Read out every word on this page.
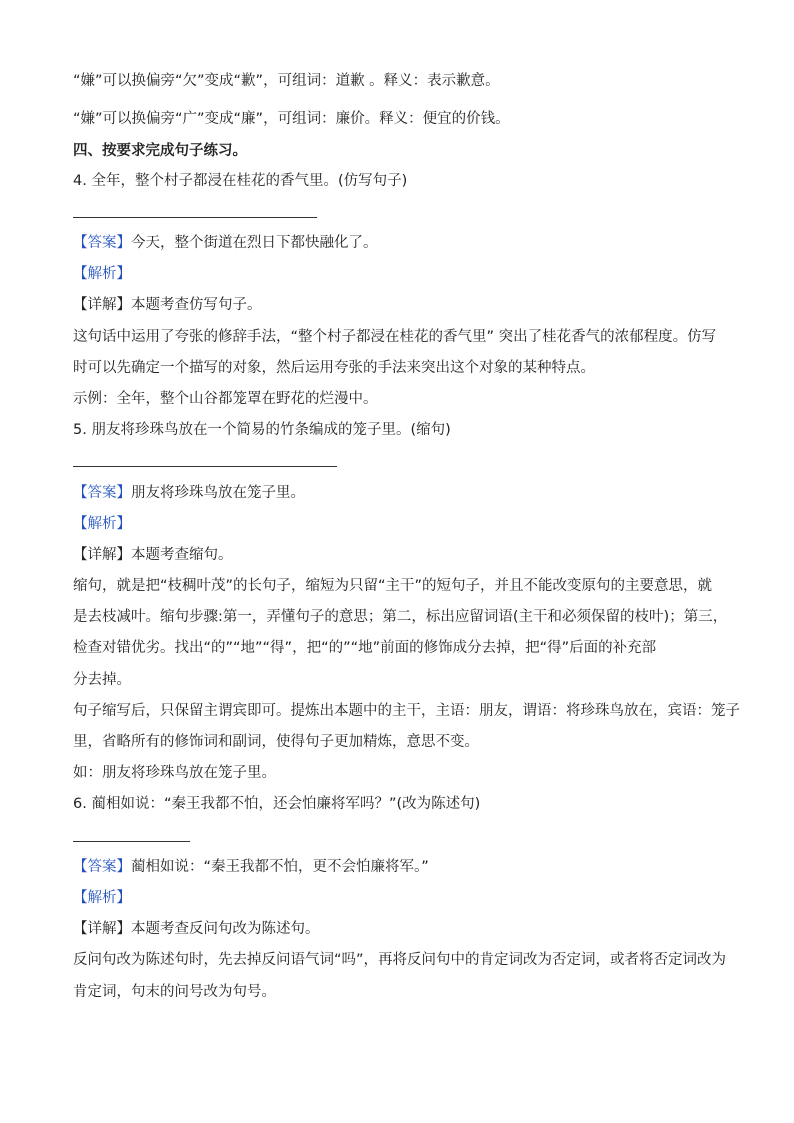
“嫌”可以换偏旁“欠”变成“歉”，可组词：道歉 。释义：表示歉意。
“嫌”可以换偏旁“广”变成“廉”，可组词：廉价。释义：便宜的价钱。
四、按要求完成句子练习。
4. 全年，整个村子都浸在桂花的香气里。(仿写句子)
【答案】今天，整个街道在烈日下都快融化了。
【解析】
【详解】本题考查仿写句子。
这句话中运用了夸张的修辞手法，“整个村子都浸在桂花的香气里” 突出了桂花香气的浓郁程度。仿写
时可以先确定一个描写的对象，然后运用夸张的手法来突出这个对象的某种特点。
示例：全年，整个山谷都笼罩在野花的烂漫中。
5. 朋友将珍珠鸟放在一个简易的竹条编成的笼子里。(缩句)
【答案】朋友将珍珠鸟放在笼子里。
【解析】
【详解】本题考查缩句。
缩句，就是把“枝稠叶茂”的长句子，缩短为只留“主干”的短句子，并且不能改变原句的主要意思，就
是去枝减叶。缩句步骤:第一，弄懂句子的意思；第二，标出应留词语(主干和必须保留的枝叶)；第三，
检查对错优劣。找出“的”“地”“得”，把“的”“地”前面的修饰成分去掉，把“得”后面的补充部
分去掉。
句子缩写后，只保留主谓宾即可。提炼出本题中的主干，主语：朋友，谓语：将珍珠鸟放在，宾语：笼子
里，省略所有的修饰词和副词，使得句子更加精炼，意思不变。
如：朋友将珍珠鸟放在笼子里。
6. 蔺相如说：“秦王我都不怕，还会怕廉将军吗？”(改为陈述句)
【答案】蔺相如说：“秦王我都不怕，更不会怕廉将军。”
【解析】
【详解】本题考查反问句改为陈述句。
反问句改为陈述句时，先去掉反问语气词“吗”，再将反问句中的肯定词改为否定词，或者将否定词改为
肯定词，句末的问号改为句号。
